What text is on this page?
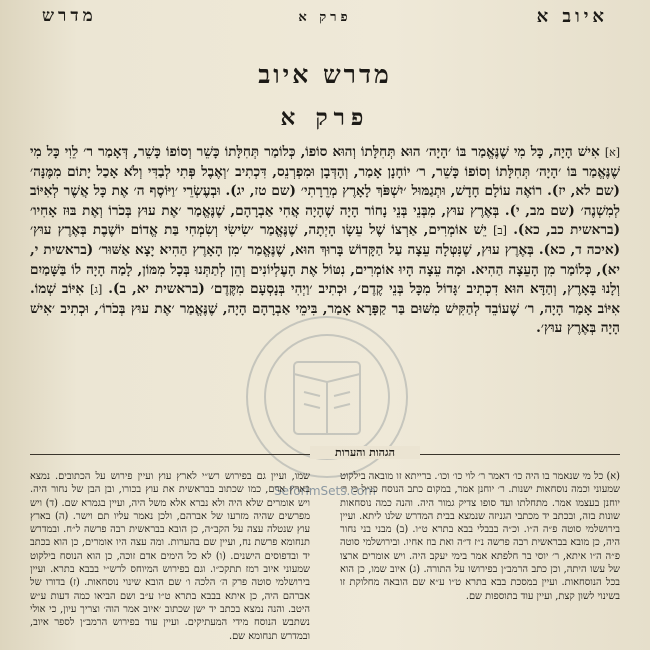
מדרש	פרק א	איוב א
מדרש איוב
פרק א
[א] אִישׁ הָיָה, כָּל מִי שֶׁנֶּאֱמַר בּוֹ ׳הָיָה׳ הוּא תְּחִלָּתוֹ וְהוּא סוֹפוֹ, כְּלוֹמַר תְּחִלָּתוֹ כָּשֵׁר וְסוֹפוֹ כָּשֵׁר, דְּאָמַר ר׳ לֵוִי כָּל מִי שֶׁנֶּאֱמַר בּוֹ ׳הָיָה׳ תְּחִלָּתוֹ וְסוֹפוֹ כָּשֵׁר, ר׳ יוֹחָנָן אָמַר, וְהָדְּבָן וּמִפְרְנֵס, דִּכְתִיב ׳וְאֶבֶל פְּתִי לְבַדִּי וְלֹא אָכַל יָתוֹם מִמֶּנָּה׳ (שם לא, יז). רוֹאֶה עוֹלָם חָדָשׁ, וּתְגַמּוּל ׳יִשְׁפֹּךְ לָאָרֶץ מְרֵרָתִי׳ (שם טז, יג). וּבְעֶשְׂרֵי ׳וַיּוֹסֶף ה׳ אֶת כָּל אֲשֶׁר לְאִיּוֹב לְמִשְׁנֶה׳ (שם מב, י). בְּאֶרֶץ עוּץ, מִבְּנֵי בְּנֵי נָחוֹר הָיָה שֶׁהָיָה אֲחִי אַבְרָהָם, שֶׁנֶּאֱמַר ׳אֶת עוּץ בְּכֹרוֹ וְאֶת בּוּז אָחִיו׳ (בראשית כב, כא). [ב] יֵשׁ אוֹמְרִים, אַרְצוֹ שֶׁל עֵשָׂו הָיְתָה, שֶׁנֶּאֱמַר ׳שִׂישִׂי וְשִׂמְחִי בַּת אֱדוֹם יוֹשֶׁבֶת בְּאֶרֶץ עוּץ׳ (איכה ד, כא). בְּאֶרֶץ עוּץ, שֶׁנִּטְּלָה עֵצָה עַל הַקָּדוֹשׁ בָּרוּךְ הוּא, שֶׁנֶּאֱמַר ׳מִן הָאָרֶץ הַהִיא יָצָא אַשּׁוּר׳ (בראשית י, יא), כְּלוֹמַר מִן הָעֵצָה הַהִיא. וּמָה עֵצָה הָיוּ אוֹמְרִים, נִטּוֹל אֶת הָעֶלְיוֹנִים וְהֵן לְתַתְּנוּ בְּכָל מִמּוֹן, לָמַה הָיָה לוֹ בַּשָּׁמַיִם וְלָנוּ בָּאָרֶץ, וְהַדָּא הוּא דִכְתִיב ׳גָּדוֹל מִכָּל בְּנֵי קֶדֶם׳, וּכְתִיב ׳וַיְהִי בְּנָסְעָם מִקֶּדֶם׳ (בראשית יא, ב). [ג] אִיּוֹב שְׁמוֹ. אִיּוֹב אָמַר הָיָה, ר׳ שֶׁעוֹבֵד לְהַקִּישׁ מִשּׁוּם בַּר קַפָּרָא אָמַר, בִּימֵי אַבְרָהָם הָיָה, שֶׁנֶּאֱמַר ׳אֶת עוּץ בְּכֹרוֹ׳, וּכְתִיב ׳אִישׁ הָיָה בְּאֶרֶץ עוּץ׳.
SeforimSets.com
הגהות והערות
(א) כל מי שנאמר בו היה כו׳ דאמר ר׳ לוי כו׳ וכו׳. ברייתא זו מובאה בילקוט שמעוני וכמה נוסחאות ישנות. ר׳ יוחנן אמר, במקום כתב הנוסח כנ״ל כי ר׳ יוחנן בעצמו אמר. מתחלתו ועד סופו צדיק גמור היה. והנה כמה נוסחאות שונות בזה, ובכתב יד מכתבי הגניזה שנמצא בבית המדרש שלנו ליתא. ועיין בירושלמי סוטה פ״ה ה״ו. וכ״ה בבבלי בבא בתרא ט״ו. (ב) מבני בני נחור היה, כן מובא בבראשית רבה פרשה נ״ז ד״ה ואת בוז אחיו. ובירושלמי סוטה פ״ה ה״ו איתא, ר׳ יוסי בר חלפתא אמר בימי יעקב היה. ויש אומרים ארצו של עשו היתה, וכן כתב הרמב״ן בפירושו על התורה. (ג) איוב שמו, כן הוא בכל הנוסחאות. ועיין במסכת בבא בתרא ט״ו ע״א שם הובאה מחלוקת זו בשינוי לשון קצת, ועיין עוד בתוספות שם.
שמו, ועיין גם בפירוש רש״י לארץ עוץ ועיין פירוש על הכתובים. נמצא בארץ ארם, כמו שכתוב בבראשית את עוץ בכורו, ובן הבן של נחור היה. ויש אומרים שלא היה ולא נברא אלא משל היה, ועיין בגמרא שם. (ד) ויש מפרשים שהיה מזרעו של אברהם, ולכן נאמר עליו תם וישר. (ה) בארץ עוץ שנטלה עצה על הקב״ה, כן הובא בבראשית רבה פרשה ל״ח. ובמדרש תנחומא פרשת נח, ועיין שם בהערות. ומה עצה היו אומרים, כן הוא בכתב יד ובדפוסים הישנים. (ו) לא כל הימים אדם זוכה, כן הוא הנוסח בילקוט שמעוני איוב רמז תתקכ״ו. וגם בפירוש המיוחס לרש״י בבבא בתרא. ועיין בירושלמי סוטה פרק ה׳ הלכה ו׳ שם הובא שינוי נוסחאות. (ז) בדורו של אברהם היה, כן איתא בבבא בתרא ט״ו ע״ב ושם הביאו כמה דעות ע״ש היטב. והנה נמצא בכתב יד ישן שכתוב ׳איוב אמר הוה׳ וצריך עיון, כי אולי נשתבש הנוסח מידי המעתיקים. ועיין עוד בפירוש הרמב״ן לספר איוב, ובמדרש תנחומא שם.
